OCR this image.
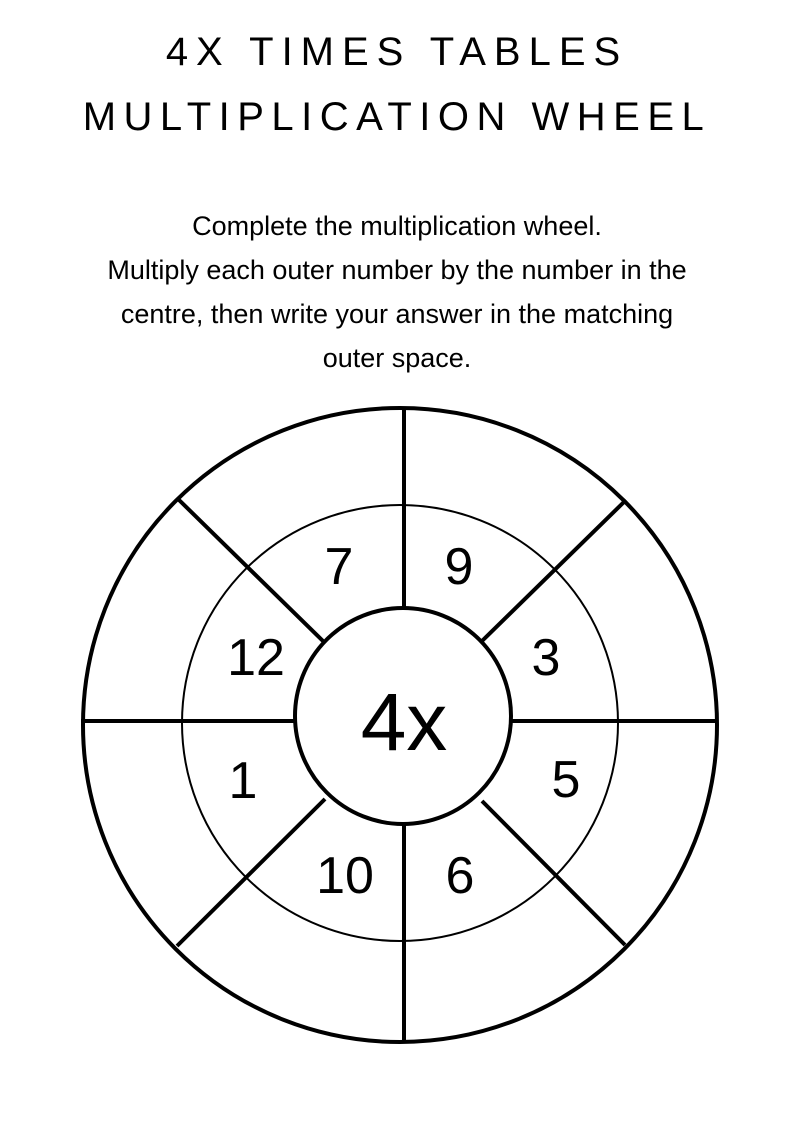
4X TIMES TABLES
MULTIPLICATION WHEEL
Complete the multiplication wheel.
Multiply each outer number by the number in the
centre, then write your answer in the matching
outer space.
4x
7 9
3
5
6
10
1
12
